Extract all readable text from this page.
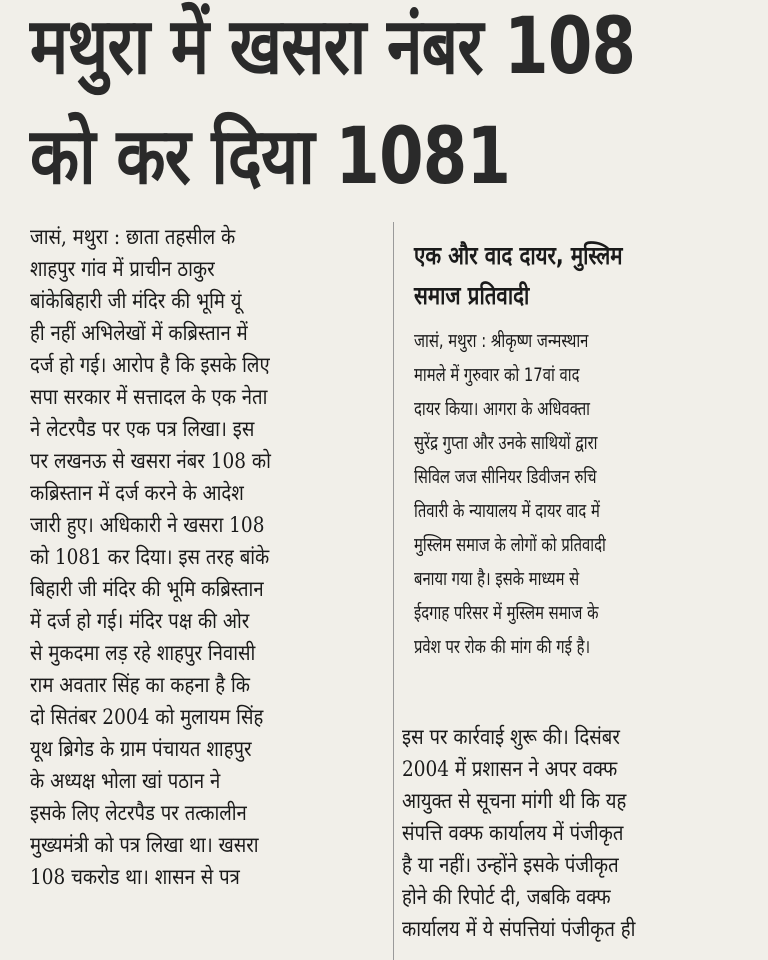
मथुरा में खसरा नंबर 108
को कर दिया 1081
जासं, मथुरा : छाता तहसील के
शाहपुर गांव में प्राचीन ठाकुर
बांकेबिहारी जी मंदिर की भूमि यूं
ही नहीं अभिलेखों में कब्रिस्तान में
दर्ज हो गई। आरोप है कि इसके लिए
सपा सरकार में सत्तादल के एक नेता
ने लेटरपैड पर एक पत्र लिखा। इस
पर लखनऊ से खसरा नंबर 108 को
कब्रिस्तान में दर्ज करने के आदेश
जारी हुए। अधिकारी ने खसरा 108
को 1081 कर दिया। इस तरह बांके
बिहारी जी मंदिर की भूमि कब्रिस्तान
में दर्ज हो गई। मंदिर पक्ष की ओर
से मुकदमा लड़ रहे शाहपुर निवासी
राम अवतार सिंह का कहना है कि
दो सितंबर 2004 को मुलायम सिंह
यूथ ब्रिगेड के ग्राम पंचायत शाहपुर
के अध्यक्ष भोला खां पठान ने
इसके लिए लेटरपैड पर तत्कालीन
मुख्यमंत्री को पत्र लिखा था। खसरा
108 चकरोड था। शासन से पत्र
एक और वाद दायर, मुस्लिम
समाज प्रतिवादी
जासं, मथुरा : श्रीकृष्ण जन्मस्थान
मामले में गुरुवार को 17वां वाद
दायर किया। आगरा के अधिवक्ता
सुरेंद्र गुप्ता और उनके साथियों द्वारा
सिविल जज सीनियर डिवीजन रुचि
तिवारी के न्यायालय में दायर वाद में
मुस्लिम समाज के लोगों को प्रतिवादी
बनाया गया है। इसके माध्यम से
ईदगाह परिसर में मुस्लिम समाज के
प्रवेश पर रोक की मांग की गई है।
इस पर कार्रवाई शुरू की। दिसंबर
2004 में प्रशासन ने अपर वक्फ
आयुक्त से सूचना मांगी थी कि यह
संपत्ति वक्फ कार्यालय में पंजीकृत
है या नहीं। उन्होंने इसके पंजीकृत
होने की रिपोर्ट दी, जबकि वक्फ
कार्यालय में ये संपत्तियां पंजीकृत ही
